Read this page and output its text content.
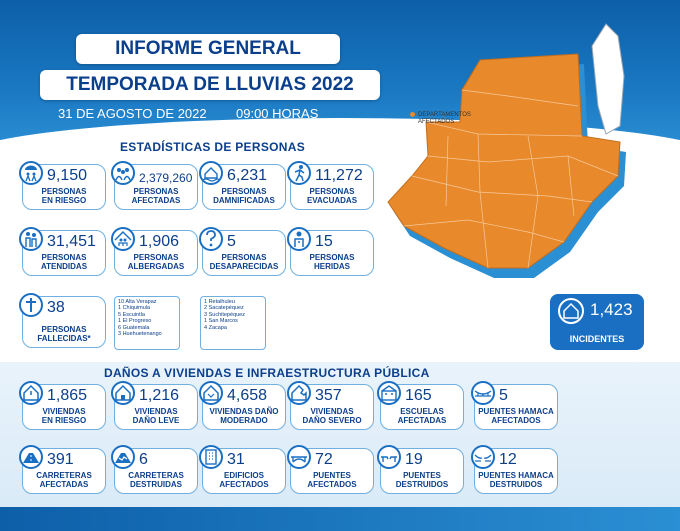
INFORME GENERAL
TEMPORADA DE LLUVIAS 2022
31 DE AGOSTO DE 2022 09:00 HORAS	DEPARTAMENTOS
AFECTADOS
ESTADÍSTICAS DE PERSONAS
9,150
PERSONAS
EN RIESGO
2,379,260
PERSONAS
AFECTADAS
6,231
PERSONAS
DAMNIFICADAS
11,272
PERSONAS
EVACUADAS
31,451
PERSONAS
ATENDIDAS
1,906
PERSONAS
ALBERGADAS
5
PERSONAS
DESAPARECIDAS
15
PERSONAS
HERIDAS
38
PERSONAS
FALLECIDAS*
10 Alta Verapaz
1 Chiquimula
5 Escuintla
1 El Progreso
6 Guatemala
3 Huehuetenango
1 Retalhuleu
2 Sacatepéquez
3 Suchitepéquez
1 San Marcos
4 Zacapa
1,423
INCIDENTES
DAÑOS A VIVIENDAS E INFRAESTRUCTURA PÚBLICA
1,865
VIVIENDAS
EN RIESGO
1,216
VIVIENDAS
DAÑO LEVE
4,658
VIVIENDAS DAÑO
MODERADO
357
VIVIENDAS
DAÑO SEVERO
165
ESCUELAS
AFECTADAS
5
PUENTES HAMACA
AFECTADOS
391
CARRETERAS
AFECTADAS
6
CARRETERAS
DESTRUIDAS
31
EDIFICIOS
AFECTADOS
72
PUENTES
AFECTADOS
19
PUENTES
DESTRUIDOS
12
PUENTES HAMACA
DESTRUIDOS
